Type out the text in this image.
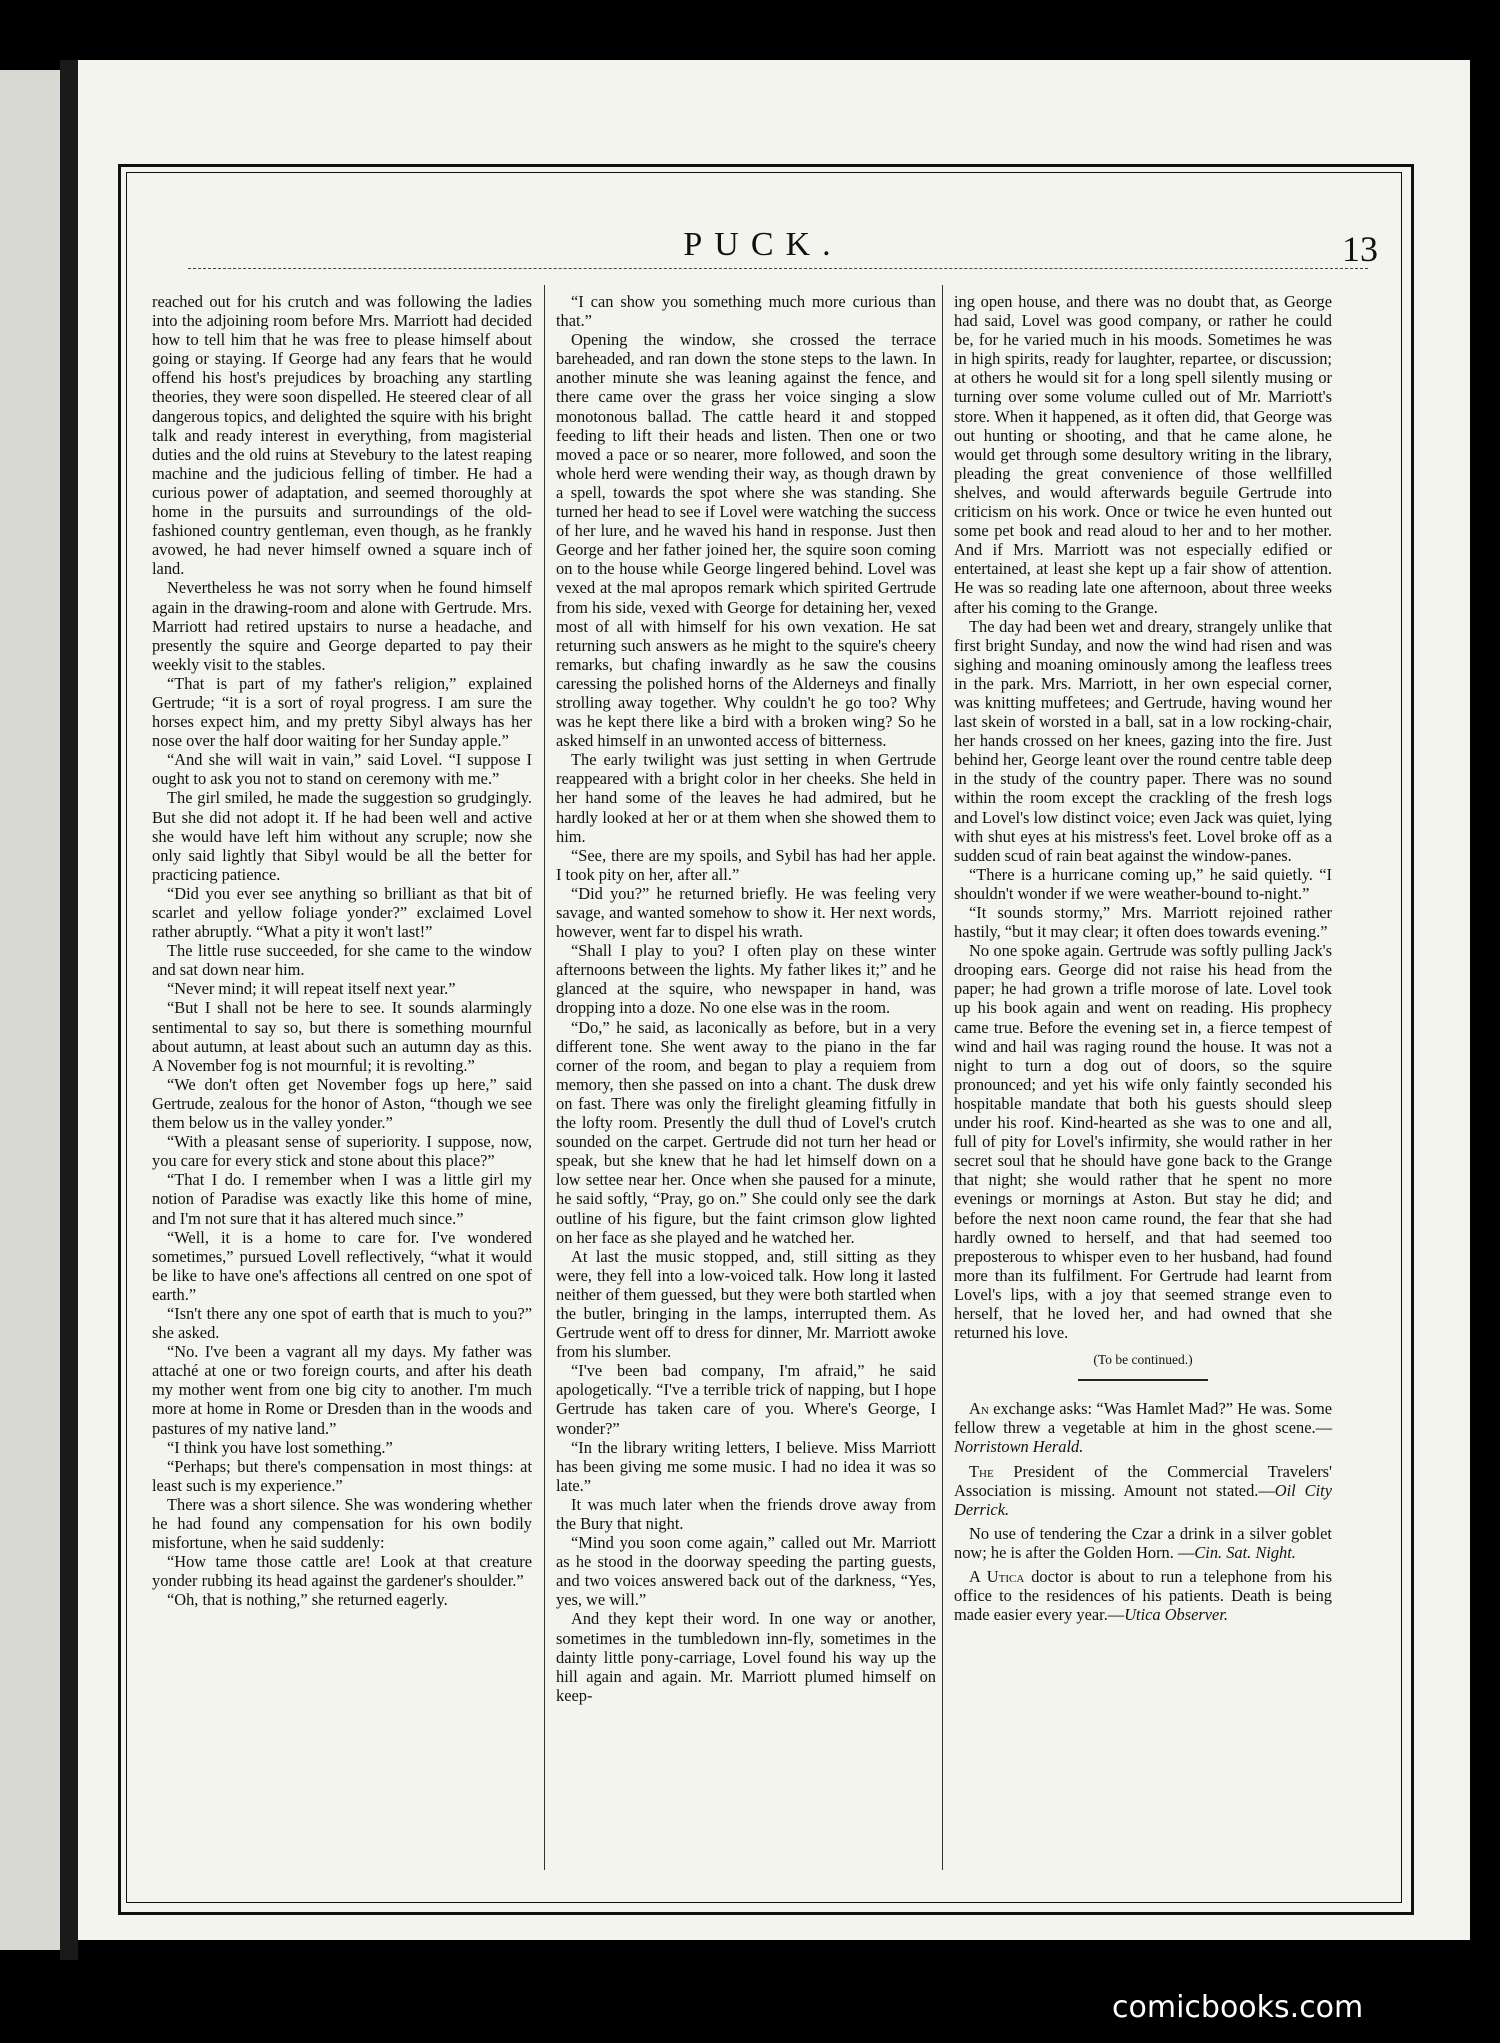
PUCK.	13

reached out for his crutch and was following the ladies into the adjoining room before Mrs. Marriott had decided how to tell him that he was free to please himself about going or staying. If George had any fears that he would offend his host's prejudices by broaching any startling theories, they were soon dispelled. He steered clear of all dangerous topics, and delighted the squire with his bright talk and ready interest in everything, from magisterial duties and the old ruins at Stevebury to the latest reaping machine and the judicious felling of timber. He had a curious power of adaptation, and seemed thoroughly at home in the pursuits and surroundings of the old-fashioned country gentleman, even though, as he frankly avowed, he had never himself owned a square inch of land.

Nevertheless he was not sorry when he found himself again in the drawing-room and alone with Gertrude. Mrs. Marriott had retired upstairs to nurse a headache, and presently the squire and George departed to pay their weekly visit to the stables.

“That is part of my father's religion,” explained Gertrude; “it is a sort of royal progress. I am sure the horses expect him, and my pretty Sibyl always has her nose over the half door waiting for her Sunday apple.”

“And she will wait in vain,” said Lovel. “I suppose I ought to ask you not to stand on ceremony with me.”

The girl smiled, he made the suggestion so grudgingly. But she did not adopt it. If he had been well and active she would have left him without any scruple; now she only said lightly that Sibyl would be all the better for practicing patience.

“Did you ever see anything so brilliant as that bit of scarlet and yellow foliage yonder?” exclaimed Lovel rather abruptly. “What a pity it won't last!”

The little ruse succeeded, for she came to the window and sat down near him.

“Never mind; it will repeat itself next year.”

“But I shall not be here to see. It sounds alarmingly sentimental to say so, but there is something mournful about autumn, at least about such an autumn day as this. A November fog is not mournful; it is revolting.”

“We don't often get November fogs up here,” said Gertrude, zealous for the honor of Aston, “though we see them below us in the valley yonder.”

“With a pleasant sense of superiority. I suppose, now, you care for every stick and stone about this place?”

“That I do. I remember when I was a little girl my notion of Paradise was exactly like this home of mine, and I'm not sure that it has altered much since.”

“Well, it is a home to care for. I've wondered sometimes,” pursued Lovell reflectively, “what it would be like to have one's affections all centred on one spot of earth.”

“Isn't there any one spot of earth that is much to you?” she asked.

“No. I've been a vagrant all my days. My father was attaché at one or two foreign courts, and after his death my mother went from one big city to another. I'm much more at home in Rome or Dresden than in the woods and pastures of my native land.”

“I think you have lost something.”

“Perhaps; but there's compensation in most things: at least such is my experience.”

There was a short silence. She was wondering whether he had found any compensation for his own bodily misfortune, when he said suddenly:

“How tame those cattle are! Look at that creature yonder rubbing its head against the gardener's shoulder.”

“Oh, that is nothing,” she returned eagerly.

“I can show you something much more curious than that.”

Opening the window, she crossed the terrace bareheaded, and ran down the stone steps to the lawn. In another minute she was leaning against the fence, and there came over the grass her voice singing a slow monotonous ballad. The cattle heard it and stopped feeding to lift their heads and listen. Then one or two moved a pace or so nearer, more followed, and soon the whole herd were wending their way, as though drawn by a spell, towards the spot where she was standing. She turned her head to see if Lovel were watching the success of her lure, and he waved his hand in response. Just then George and her father joined her, the squire soon coming on to the house while George lingered behind. Lovel was vexed at the mal apropos remark which spirited Gertrude from his side, vexed with George for detaining her, vexed most of all with himself for his own vexation. He sat returning such answers as he might to the squire's cheery remarks, but chafing inwardly as he saw the cousins caressing the polished horns of the Alderneys and finally strolling away together. Why couldn't he go too? Why was he kept there like a bird with a broken wing? So he asked himself in an unwonted access of bitterness.

The early twilight was just setting in when Gertrude reappeared with a bright color in her cheeks. She held in her hand some of the leaves he had admired, but he hardly looked at her or at them when she showed them to him.

“See, there are my spoils, and Sybil has had her apple. I took pity on her, after all.”

“Did you?” he returned briefly. He was feeling very savage, and wanted somehow to show it. Her next words, however, went far to dispel his wrath.

“Shall I play to you? I often play on these winter afternoons between the lights. My father likes it;” and he glanced at the squire, who newspaper in hand, was dropping into a doze. No one else was in the room.

“Do,” he said, as laconically as before, but in a very different tone. She went away to the piano in the far corner of the room, and began to play a requiem from memory, then she passed on into a chant. The dusk drew on fast. There was only the firelight gleaming fitfully in the lofty room. Presently the dull thud of Lovel's crutch sounded on the carpet. Gertrude did not turn her head or speak, but she knew that he had let himself down on a low settee near her. Once when she paused for a minute, he said softly, “Pray, go on.” She could only see the dark outline of his figure, but the faint crimson glow lighted on her face as she played and he watched her.

At last the music stopped, and, still sitting as they were, they fell into a low-voiced talk. How long it lasted neither of them guessed, but they were both startled when the butler, bringing in the lamps, interrupted them. As Gertrude went off to dress for dinner, Mr. Marriott awoke from his slumber.

“I've been bad company, I'm afraid,” he said apologetically. “I've a terrible trick of napping, but I hope Gertrude has taken care of you. Where's George, I wonder?”

“In the library writing letters, I believe. Miss Marriott has been giving me some music. I had no idea it was so late.”

It was much later when the friends drove away from the Bury that night.

“Mind you soon come again,” called out Mr. Marriott as he stood in the doorway speeding the parting guests, and two voices answered back out of the darkness, “Yes, yes, we will.”

And they kept their word. In one way or another, sometimes in the tumbledown inn-fly, sometimes in the dainty little pony-carriage, Lovel found his way up the hill again and again. Mr. Marriott plumed himself on keep-

ing open house, and there was no doubt that, as George had said, Lovel was good company, or rather he could be, for he varied much in his moods. Sometimes he was in high spirits, ready for laughter, repartee, or discussion; at others he would sit for a long spell silently musing or turning over some volume culled out of Mr. Marriott's store. When it happened, as it often did, that George was out hunting or shooting, and that he came alone, he would get through some desultory writing in the library, pleading the great convenience of those wellfilled shelves, and would afterwards beguile Gertrude into criticism on his work. Once or twice he even hunted out some pet book and read aloud to her and to her mother. And if Mrs. Marriott was not especially edified or entertained, at least she kept up a fair show of attention. He was so reading late one afternoon, about three weeks after his coming to the Grange.

The day had been wet and dreary, strangely unlike that first bright Sunday, and now the wind had risen and was sighing and moaning ominously among the leafless trees in the park. Mrs. Marriott, in her own especial corner, was knitting muffetees; and Gertrude, having wound her last skein of worsted in a ball, sat in a low rocking-chair, her hands crossed on her knees, gazing into the fire. Just behind her, George leant over the round centre table deep in the study of the country paper. There was no sound within the room except the crackling of the fresh logs and Lovel's low distinct voice; even Jack was quiet, lying with shut eyes at his mistress's feet. Lovel broke off as a sudden scud of rain beat against the window-panes.

“There is a hurricane coming up,” he said quietly. “I shouldn't wonder if we were weather-bound to-night.”

“It sounds stormy,” Mrs. Marriott rejoined rather hastily, “but it may clear; it often does towards evening.”

No one spoke again. Gertrude was softly pulling Jack's drooping ears. George did not raise his head from the paper; he had grown a trifle morose of late. Lovel took up his book again and went on reading. His prophecy came true. Before the evening set in, a fierce tempest of wind and hail was raging round the house. It was not a night to turn a dog out of doors, so the squire pronounced; and yet his wife only faintly seconded his hospitable mandate that both his guests should sleep under his roof. Kind-hearted as she was to one and all, full of pity for Lovel's infirmity, she would rather in her secret soul that he should have gone back to the Grange that night; she would rather that he spent no more evenings or mornings at Aston. But stay he did; and before the next noon came round, the fear that she had hardly owned to herself, and that had seemed too preposterous to whisper even to her husband, had found more than its fulfilment. For Gertrude had learnt from Lovel's lips, with a joy that seemed strange even to herself, that he loved her, and had owned that she returned his love.

(To be continued.)

An exchange asks: “Was Hamlet Mad?” He was. Some fellow threw a vegetable at him in the ghost scene.—Norristown Herald.

The President of the Commercial Travelers' Association is missing. Amount not stated.—Oil City Derrick.

No use of tendering the Czar a drink in a silver goblet now; he is after the Golden Horn. —Cin. Sat. Night.

A Utica doctor is about to run a telephone from his office to the residences of his patients. Death is being made easier every year.—Utica Observer.

comicbooks.com
